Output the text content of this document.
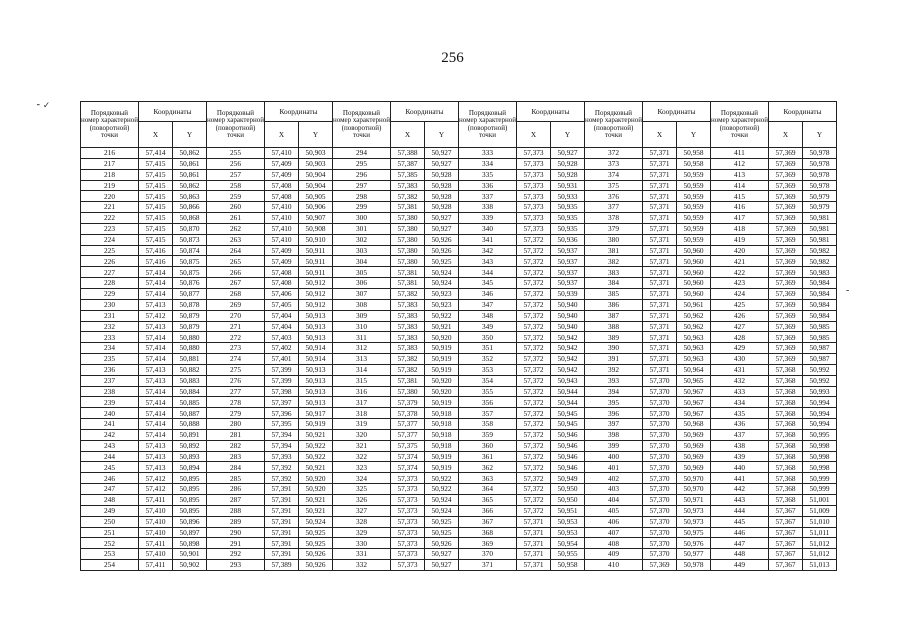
256
⁃ ✓
-
Порядковый номер характерной (поворотной) точки	Координаты		Порядковый номер характерной (поворотной) точки	Координаты		Порядковый номер характерной (поворотной) точки	Координаты		Порядковый номер характерной (поворотной) точки	Координаты		Порядковый номер характерной (поворотной) точки	Координаты		Порядковый номер характерной (поворотной) точки	Координаты	
	X	Y		X	Y		X	Y		X	Y		X	Y		X	Y
216	57,414	50,862	255	57,410	50,903	294	57,388	50,927	333	57,373	50,927	372	57,371	50,958	411	57,369	50,978
217	57,415	50,861	256	57,409	50,903	295	57,387	50,927	334	57,373	50,928	373	57,371	50,958	412	57,369	50,978
218	57,415	50,861	257	57,409	50,904	296	57,385	50,928	335	57,373	50,928	374	57,371	50,959	413	57,369	50,978
219	57,415	50,862	258	57,408	50,904	297	57,383	50,928	336	57,373	50,931	375	57,371	50,959	414	57,369	50,978
220	57,415	50,863	259	57,408	50,905	298	57,382	50,928	337	57,373	50,933	376	57,371	50,959	415	57,369	50,979
221	57,415	50,866	260	57,410	50,906	299	57,381	50,928	338	57,373	50,935	377	57,371	50,959	416	57,369	50,979
222	57,415	50,868	261	57,410	50,907	300	57,380	50,927	339	57,373	50,935	378	57,371	50,959	417	57,369	50,981
223	57,415	50,870	262	57,410	50,908	301	57,380	50,927	340	57,373	50,935	379	57,371	50,959	418	57,369	50,981
224	57,415	50,873	263	57,410	50,910	302	57,380	50,926	341	57,372	50,936	380	57,371	50,959	419	57,369	50,981
225	57,416	50,874	264	57,409	50,911	303	57,380	50,926	342	57,372	50,937	381	57,371	50,960	420	57,369	50,982
226	57,416	50,875	265	57,409	50,911	304	57,380	50,925	343	57,372	50,937	382	57,371	50,960	421	57,369	50,982
227	57,414	50,875	266	57,408	50,911	305	57,381	50,924	344	57,372	50,937	383	57,371	50,960	422	57,369	50,983
228	57,414	50,876	267	57,408	50,912	306	57,381	50,924	345	57,372	50,937	384	57,371	50,960	423	57,369	50,984
229	57,414	50,877	268	57,406	50,912	307	57,382	50,923	346	57,372	50,939	385	57,371	50,960	424	57,369	50,984
230	57,413	50,878	269	57,405	50,912	308	57,383	50,923	347	57,372	50,940	386	57,371	50,961	425	57,369	50,984
231	57,412	50,879	270	57,404	50,913	309	57,383	50,922	348	57,372	50,940	387	57,371	50,962	426	57,369	50,984
232	57,413	50,879	271	57,404	50,913	310	57,383	50,921	349	57,372	50,940	388	57,371	50,962	427	57,369	50,985
233	57,414	50,880	272	57,403	50,913	311	57,383	50,920	350	57,372	50,942	389	57,371	50,963	428	57,369	50,985
234	57,414	50,880	273	57,402	50,914	312	57,383	50,919	351	57,372	50,942	390	57,371	50,963	429	57,369	50,987
235	57,414	50,881	274	57,401	50,914	313	57,382	50,919	352	57,372	50,942	391	57,371	50,963	430	57,369	50,987
236	57,413	50,882	275	57,399	50,913	314	57,382	50,919	353	57,372	50,942	392	57,371	50,964	431	57,368	50,992
237	57,413	50,883	276	57,399	50,913	315	57,381	50,920	354	57,372	50,943	393	57,370	50,965	432	57,368	50,992
238	57,414	50,884	277	57,398	50,913	316	57,380	50,920	355	57,372	50,944	394	57,370	50,967	433	57,368	50,993
239	57,414	50,885	278	57,397	50,913	317	57,379	50,919	356	57,372	50,944	395	57,370	50,967	434	57,368	50,994
240	57,414	50,887	279	57,396	50,917	318	57,378	50,918	357	57,372	50,945	396	57,370	50,967	435	57,368	50,994
241	57,414	50,888	280	57,395	50,919	319	57,377	50,918	358	57,372	50,945	397	57,370	50,968	436	57,368	50,994
242	57,414	50,891	281	57,394	50,921	320	57,377	50,918	359	57,372	50,946	398	57,370	50,969	437	57,368	50,995
243	57,413	50,892	282	57,394	50,922	321	57,375	50,918	360	57,372	50,946	399	57,370	50,969	438	57,368	50,998
244	57,413	50,893	283	57,393	50,922	322	57,374	50,919	361	57,372	50,946	400	57,370	50,969	439	57,368	50,998
245	57,413	50,894	284	57,392	50,921	323	57,374	50,919	362	57,372	50,946	401	57,370	50,969	440	57,368	50,998
246	57,412	50,895	285	57,392	50,920	324	57,373	50,922	363	57,372	50,949	402	57,370	50,970	441	57,368	50,999
247	57,412	50,895	286	57,391	50,920	325	57,373	50,922	364	57,372	50,950	403	57,370	50,970	442	57,368	50,999
248	57,411	50,895	287	57,391	50,921	326	57,373	50,924	365	57,372	50,950	404	57,370	50,971	443	57,368	51,001
249	57,410	50,895	288	57,391	50,921	327	57,373	50,924	366	57,372	50,951	405	57,370	50,973	444	57,367	51,009
250	57,410	50,896	289	57,391	50,924	328	57,373	50,925	367	57,371	50,953	406	57,370	50,973	445	57,367	51,010
251	57,410	50,897	290	57,391	50,925	329	57,373	50,925	368	57,371	50,953	407	57,370	50,975	446	57,367	51,011
252	57,411	50,898	291	57,391	50,925	330	57,373	50,926	369	57,371	50,954	408	57,370	50,976	447	57,367	51,012
253	57,410	50,901	292	57,391	50,926	331	57,373	50,927	370	57,371	50,955	409	57,370	50,977	448	57,367	51,012
254	57,411	50,902	293	57,389	50,926	332	57,373	50,927	371	57,371	50,958	410	57,369	50,978	449	57,367	51,013
